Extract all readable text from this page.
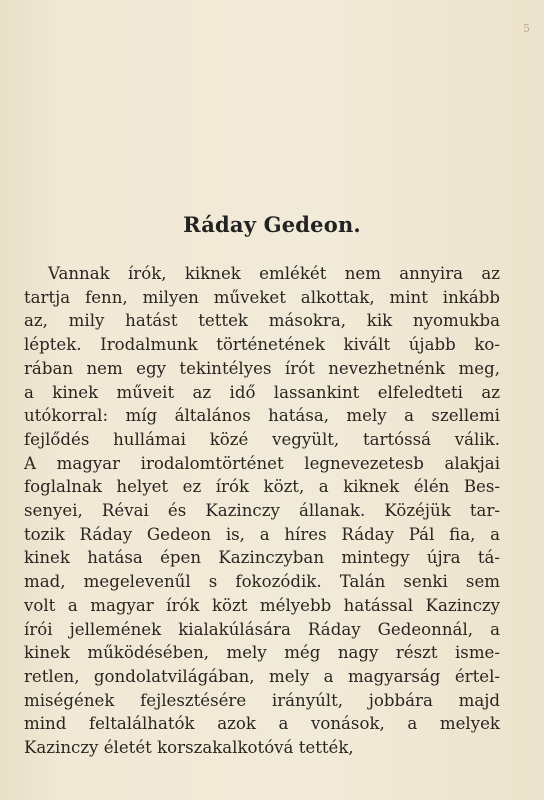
5
Ráday Gedeon.
Vannak írók, kiknek emlékét nem annyira az
tartja fenn, milyen műveket alkottak, mint inkább
az, mily hatást tettek másokra, kik nyomukba
léptek. Irodalmunk történetének kivált újabb ko-
rában nem egy tekintélyes írót nevezhetnénk meg,
a kinek műveit az idő lassankint elfeledteti az
utókorral: míg általános hatása, mely a szellemi
fejlődés hullámai közé vegyült, tartóssá válik.
A magyar irodalomtörténet legnevezetesb alakjai
foglalnak helyet ez írók közt, a kiknek élén Bes-
senyei, Révai és Kazinczy állanak. Közéjük tar-
tozik Ráday Gedeon is, a híres Ráday Pál fia, a
kinek hatása épen Kazinczyban mintegy újra tá-
mad, megelevenűl s fokozódik. Talán senki sem
volt a magyar írók közt mélyebb hatással Kazinczy
írói jellemének kialakúlására Ráday Gedeonnál, a
kinek működésében, mely még nagy részt isme-
retlen, gondolatvilágában, mely a magyarság értel-
miségének fejlesztésére irányúlt, jobbára majd
mind feltalálhatók azok a vonások, a melyek
Kazinczy életét korszakalkotóvá tették,
